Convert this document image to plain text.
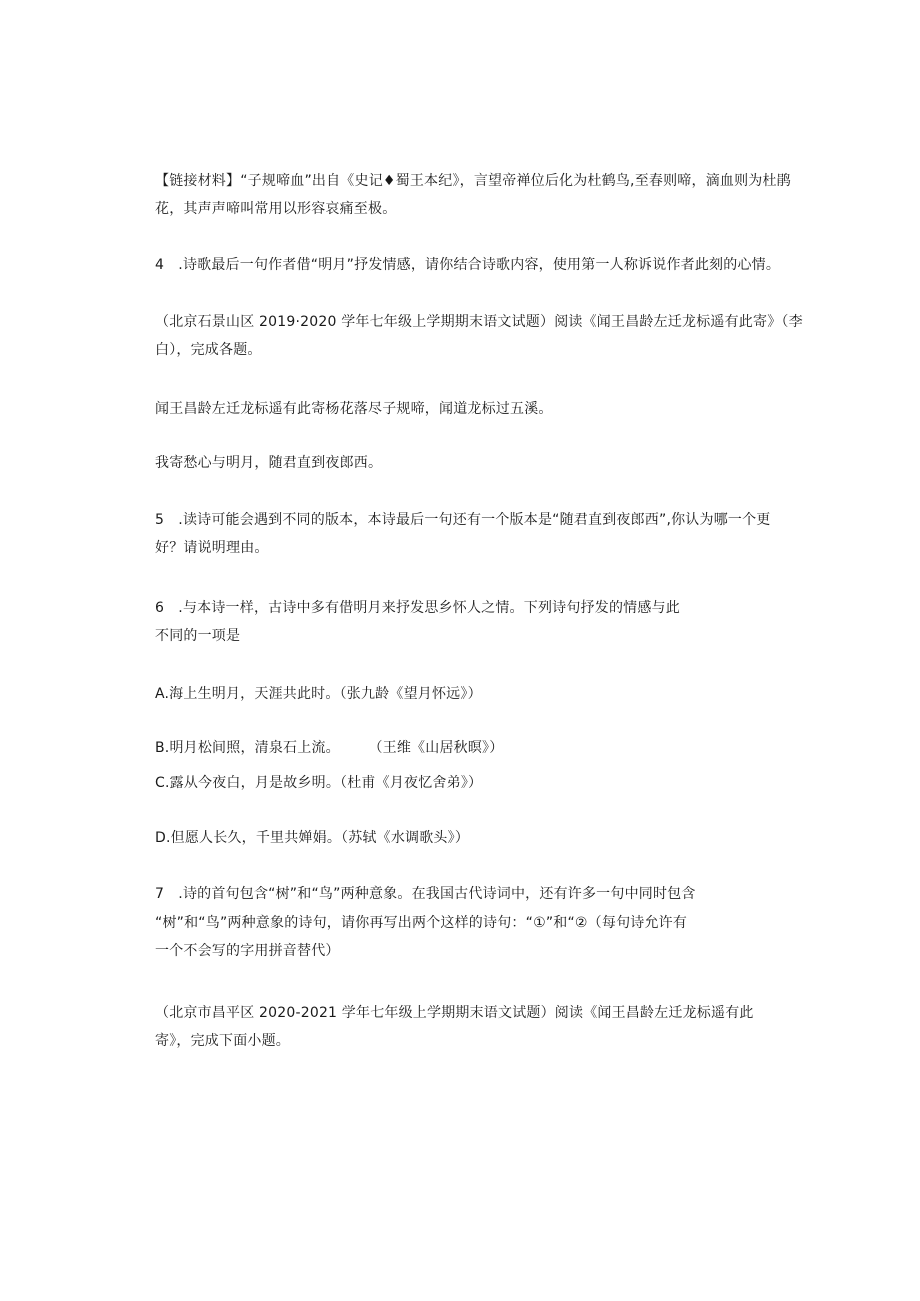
【链接材料】“子规啼血”出自《史记♦蜀王本纪》，言望帝禅位后化为杜鹤鸟,至春则啼，滴血则为杜鹃
花，其声声啼叫常用以形容哀痛至极。
4　.诗歌最后一句作者借“明月”抒发情感，请你结合诗歌内容，使用第一人称诉说作者此刻的心情。
（北京石景山区 2019·2020 学年七年级上学期期末语文试题）阅读《闻王昌龄左迁龙标遥有此寄》（李
白），完成各题。
闻王昌龄左迁龙标遥有此寄杨花落尽子规啼，闻道龙标过五溪。
我寄愁心与明月，随君直到夜郎西。
5　.读诗可能会遇到不同的版本，本诗最后一句还有一个版本是“随君直到夜郎西”,你认为哪一个更
好？请说明理由。
6　.与本诗一样，古诗中多有借明月来抒发思乡怀人之情。下列诗句抒发的情感与此
不同的一项是
A.海上生明月，天涯共此时。（张九龄《望月怀远》）
B.明月松间照，清泉石上流。　　　（王维《山居秋暝》）
C.露从今夜白，月是故乡明。（杜甫《月夜忆舍弟》）
D.但愿人长久，千里共婵娟。（苏轼《水调歌头》）
7　.诗的首句包含“树”和“鸟”两种意象。在我国古代诗词中，还有许多一句中同时包含
“树”和“鸟”两种意象的诗句，请你再写出两个这样的诗句：“①”和“②（每句诗允许有
一个不会写的字用拼音替代）
（北京市昌平区 2020-2021 学年七年级上学期期末语文试题）阅读《闻王昌龄左迁龙标遥有此
寄》，完成下面小题。
